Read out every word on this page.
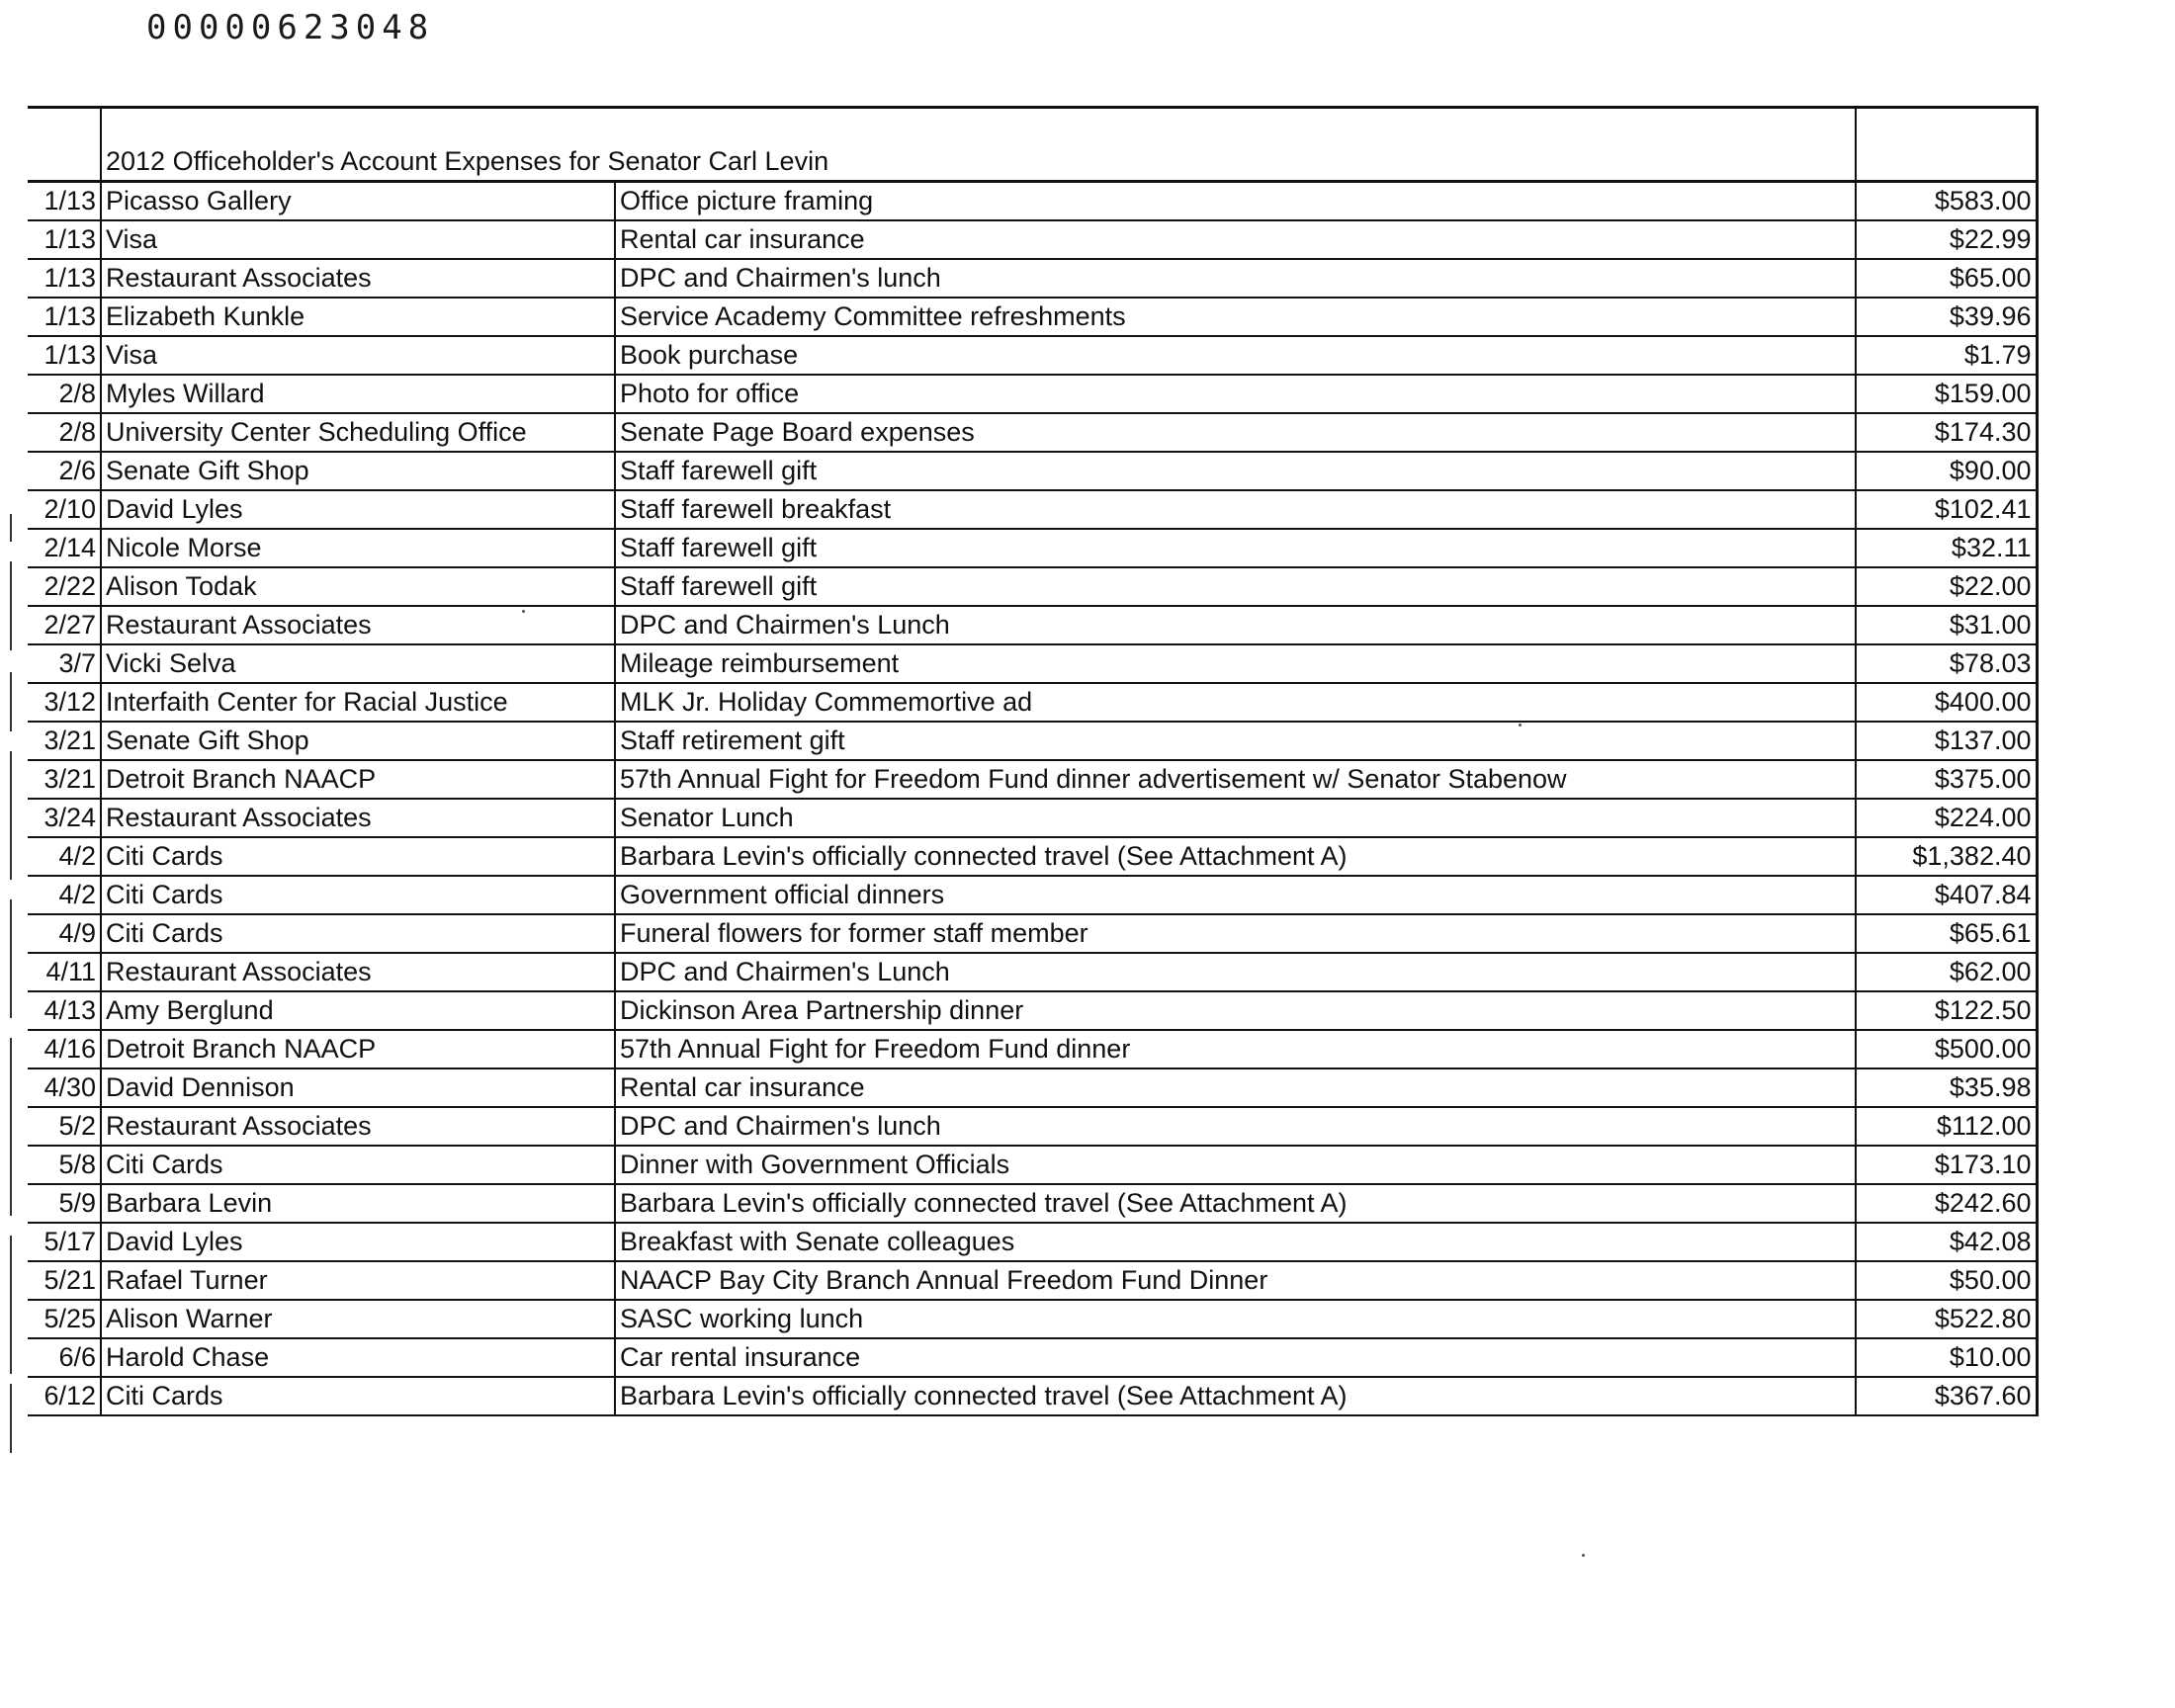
00000623048
	2012 Officeholder's Account Expenses for Senator Carl Levin		
1/13	Picasso Gallery	Office picture framing	$583.00
1/13	Visa	Rental car insurance	$22.99
1/13	Restaurant Associates	DPC and Chairmen's lunch	$65.00
1/13	Elizabeth Kunkle	Service Academy Committee refreshments	$39.96
1/13	Visa	Book purchase	$1.79
2/8	Myles Willard	Photo for office	$159.00
2/8	University Center Scheduling Office	Senate Page Board expenses	$174.30
2/6	Senate Gift Shop	Staff farewell gift	$90.00
2/10	David Lyles	Staff farewell breakfast	$102.41
2/14	Nicole Morse	Staff farewell gift	$32.11
2/22	Alison Todak	Staff farewell gift	$22.00
2/27	Restaurant Associates	DPC and Chairmen's Lunch	$31.00
3/7	Vicki Selva	Mileage reimbursement	$78.03
3/12	Interfaith Center for Racial Justice	MLK Jr. Holiday Commemortive ad	$400.00
3/21	Senate Gift Shop	Staff retirement gift	$137.00
3/21	Detroit Branch NAACP	57th Annual Fight for Freedom Fund dinner advertisement w/ Senator Stabenow	$375.00
3/24	Restaurant Associates	Senator Lunch	$224.00
4/2	Citi Cards	Barbara Levin's officially connected travel (See Attachment A)	$1,382.40
4/2	Citi Cards	Government official dinners	$407.84
4/9	Citi Cards	Funeral flowers for former staff member	$65.61
4/11	Restaurant Associates	DPC and Chairmen's Lunch	$62.00
4/13	Amy Berglund	Dickinson Area Partnership dinner	$122.50
4/16	Detroit Branch NAACP	57th Annual Fight for Freedom Fund dinner	$500.00
4/30	David Dennison	Rental car insurance	$35.98
5/2	Restaurant Associates	DPC and Chairmen's lunch	$112.00
5/8	Citi Cards	Dinner with Government Officials	$173.10
5/9	Barbara Levin	Barbara Levin's officially connected travel (See Attachment A)	$242.60
5/17	David Lyles	Breakfast with Senate colleagues	$42.08
5/21	Rafael Turner	NAACP Bay City Branch Annual Freedom Fund Dinner	$50.00
5/25	Alison Warner	SASC working lunch	$522.80
6/6	Harold Chase	Car rental insurance	$10.00
6/12	Citi Cards	Barbara Levin's officially connected travel (See Attachment A)	$367.60
